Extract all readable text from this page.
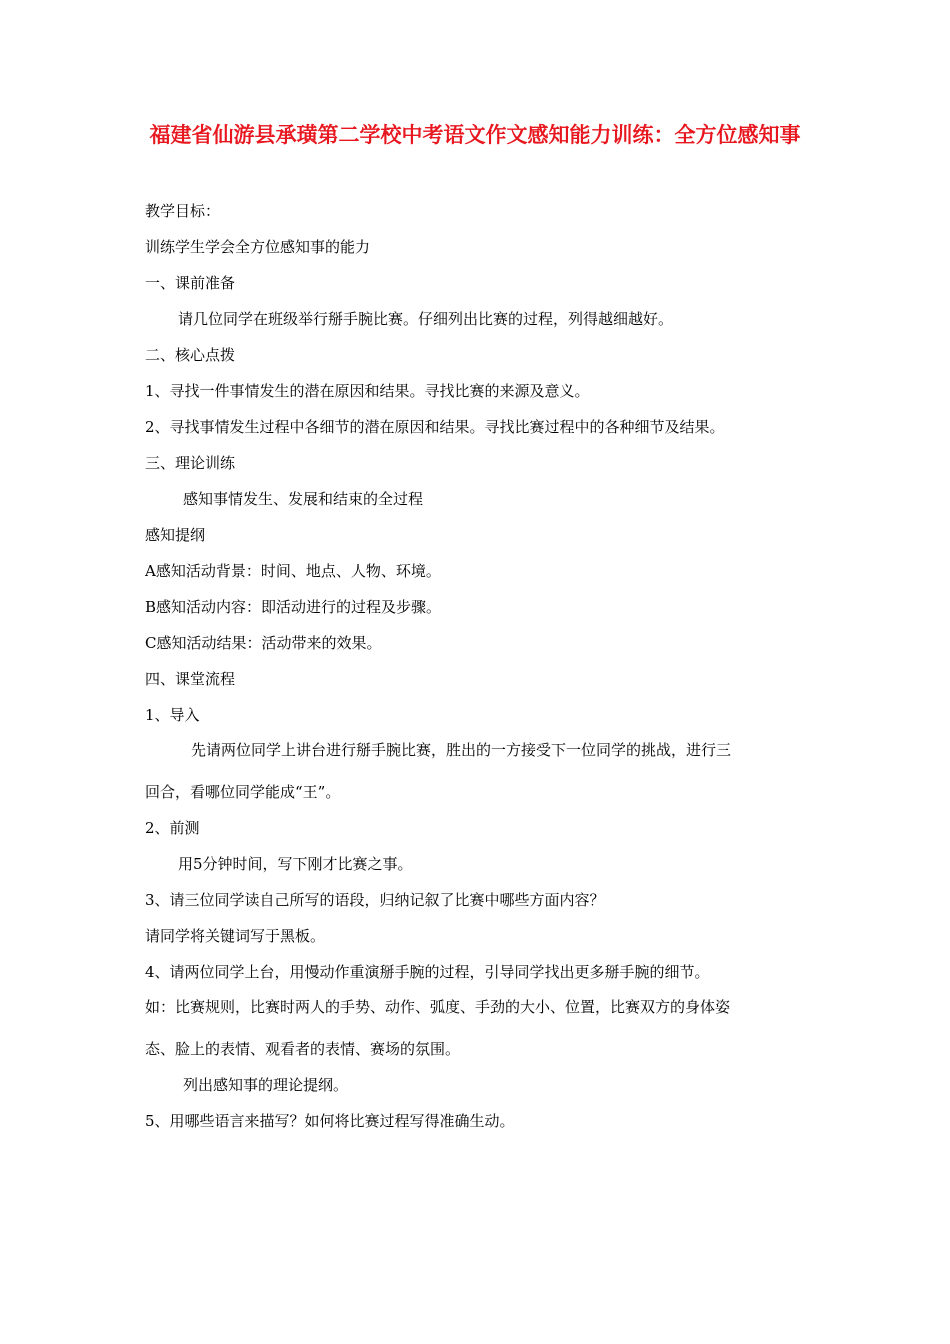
福建省仙游县承璜第二学校中考语文作文感知能力训练：全方位感知事
教学目标：
训练学生学会全方位感知事的能力
一、课前准备
请几位同学在班级举行掰手腕比赛。仔细列出比赛的过程，列得越细越好。
二、核心点拨
1、寻找一件事情发生的潜在原因和结果。寻找比赛的来源及意义。
2、寻找事情发生过程中各细节的潜在原因和结果。寻找比赛过程中的各种细节及结果。
三、理论训练
感知事情发生、发展和结束的全过程
感知提纲
A感知活动背景：时间、地点、人物、环境。
B感知活动内容：即活动进行的过程及步骤。
C感知活动结果：活动带来的效果。
四、课堂流程
1、导入
先请两位同学上讲台进行掰手腕比赛，胜出的一方接受下一位同学的挑战，进行三
回合，看哪位同学能成“王”。
2、前测
用5分钟时间，写下刚才比赛之事。
3、请三位同学读自己所写的语段，归纳记叙了比赛中哪些方面内容？
请同学将关键词写于黑板。
4、请两位同学上台，用慢动作重演掰手腕的过程，引导同学找出更多掰手腕的细节。
如：比赛规则，比赛时两人的手势、动作、弧度、手劲的大小、位置，比赛双方的身体姿
态、脸上的表情、观看者的表情、赛场的氛围。
列出感知事的理论提纲。
5、用哪些语言来描写？如何将比赛过程写得准确生动。
